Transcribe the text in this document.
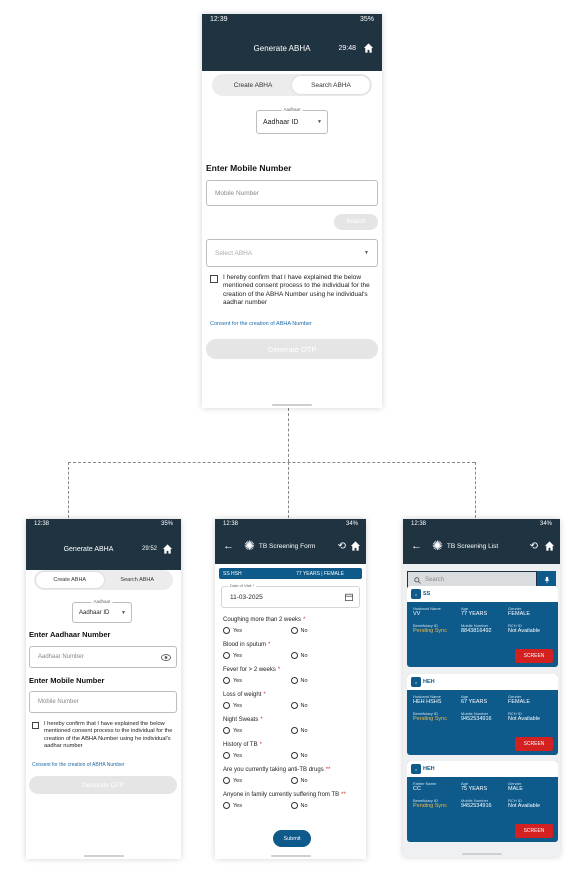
12:39	35%
Generate ABHA	29:48
Create ABHA	Search ABHA
Aadhaar
Aadhaar ID	▼
Enter Mobile Number
Mobile Number
Search
Select ABHA	▼
I hereby confirm that I have explained the below mentioned consent process to the individual for the creation of the ABHA Number using he individual's aadhar number
Consent for the creation of ABHA Number
Generate OTP
12:38	35%
Generate ABHA	29:52
Create ABHA	Search ABHA
Aadhaar
Aadhaar ID ▼
Enter Aadhaar Number
Aadhaar Number
Enter Mobile Number
Mobile Number
I hereby confirm that I have explained the below mentioned consent process to the individual for the creation of the ABHA Number using he individual's aadhar number
Consent for the creation of ABHA Number
Generate OTP
12:38	34%
← ✺ TB Screening Form ⟲
SS HSH	77 YEARS | FEMALE
Date of Visit *
11-03-2025
Coughing more than 2 weeks *
Yes	No
Blood in sputum *
Yes	No
Fever for > 2 weeks *
Yes	No
Loss of weight *
Yes	No
Night Sweats *
Yes	No
History of TB *
Yes	No
Are you currently taking anti-TB drugs **
Yes	No
Anyone in family currently suffering from TB **
Yes	No
Submit
12:38	34%
← ✺ TB Screening List	⟲
Search
⌂	SS
Husband Name
VV
Age
77 YEARS
Gender
FEMALE
Beneficiary ID
Pending Sync
Mobile Number
8843816492
RCH ID
Not Available
SCREEN
⌂	HEH
Husband Name
HEH HSHS
Age
67 YEARS
Gender
FEMALE
Beneficiary ID
Pending Sync
Mobile Number
9452534916
RCH ID
Not Available
SCREEN
⌂	HEH
Father Name
CC
Age
75 YEARS
Gender
MALE
Beneficiary ID
Pending Sync
Mobile Number
9452534916
RCH ID
Not Available
SCREEN
